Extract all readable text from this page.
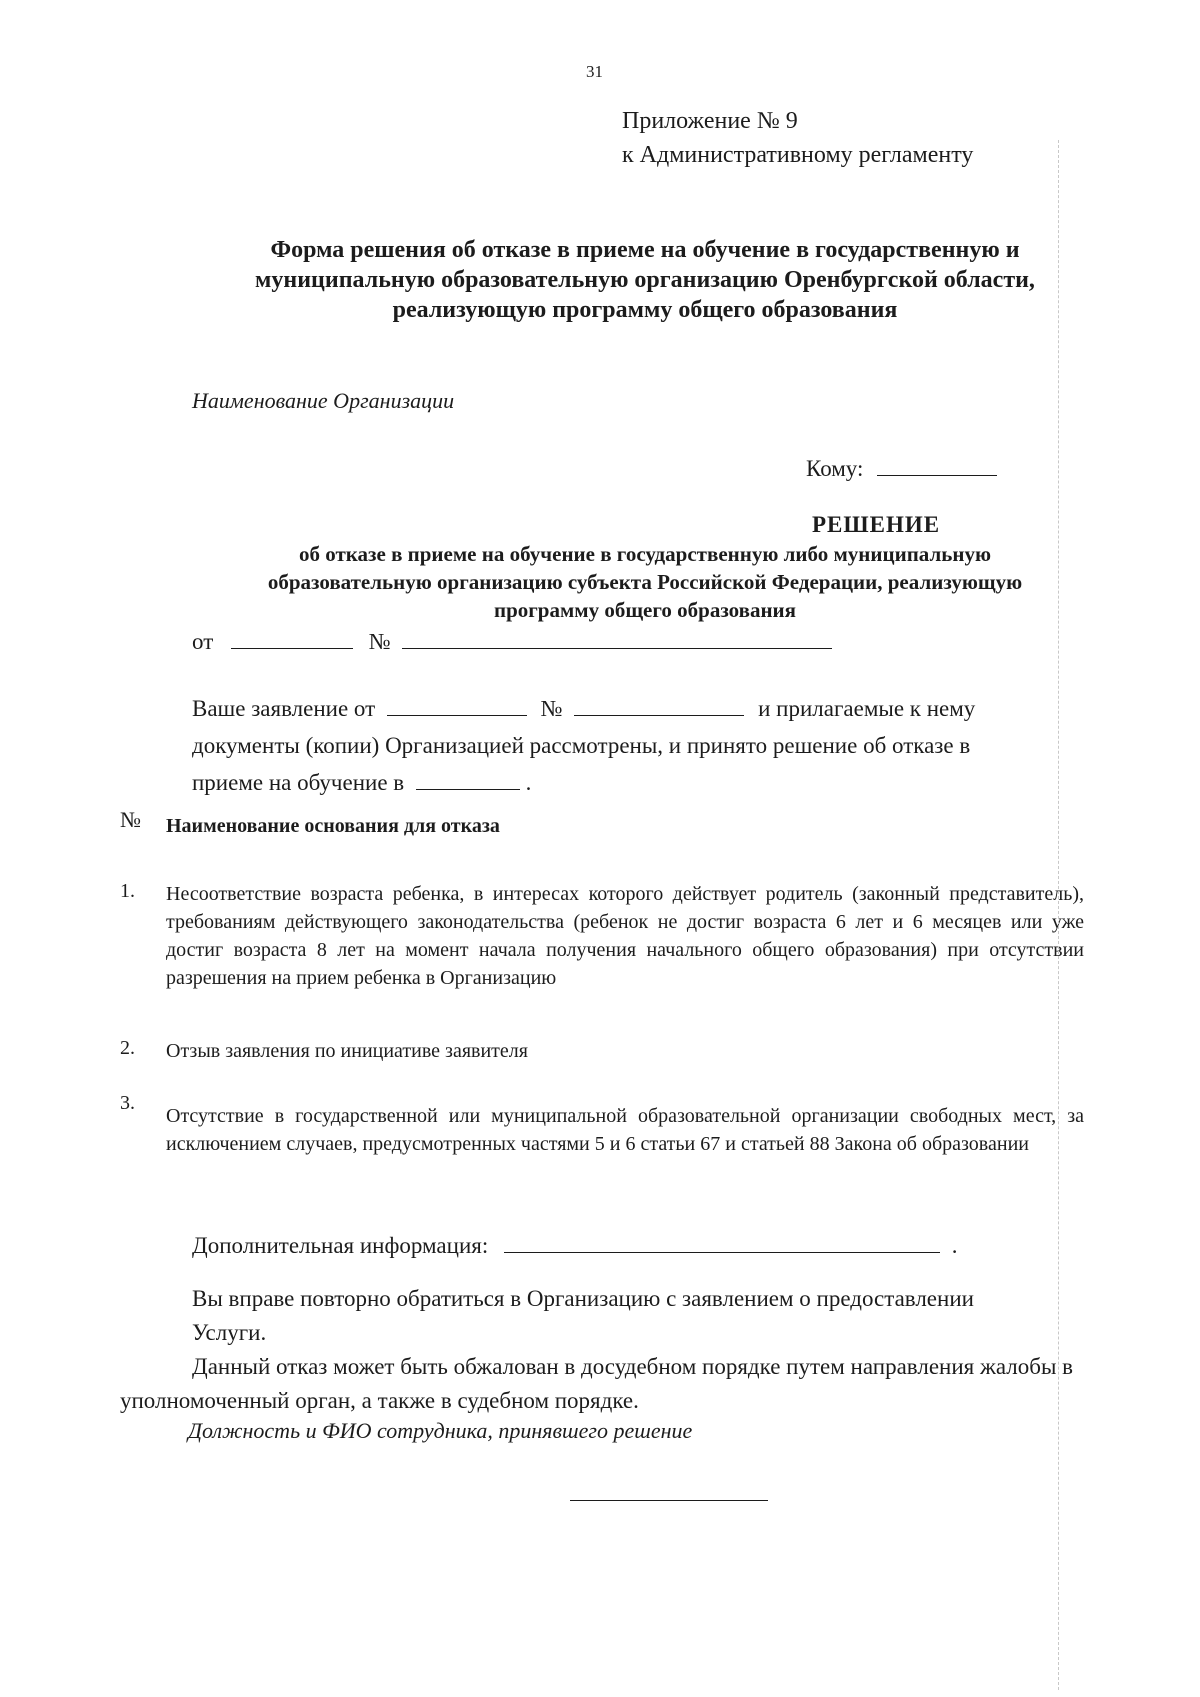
31
Приложение № 9
к Административному регламенту
Форма решения об отказе в приеме на обучение в государственную и
муниципальную образовательную организацию Оренбургской области,
реализующую программу общего образования
Наименование Организации
Кому:
РЕШЕНИЕ
об отказе в приеме на обучение в государственную либо муниципальную
образовательную организацию субъекта Российской Федерации, реализующую
программу общего образования
от	№
Ваше заявление от	№	и прилагаемые к нему
документы (копии) Организацией рассмотрены, и принято решение об отказе в
приеме на обучение в	.
№ Наименование основания для отказа
1. Несоответствие возраста ребенка, в интересах которого действует родитель (законный представитель), требованиям действующего законодательства (ребенок не достиг возраста 6 лет и 6 месяцев или уже достиг возраста 8 лет на момент начала получения начального общего образования) при отсутствии разрешения на прием ребенка в Организацию
2. Отзыв заявления по инициативе заявителя
3.
Отсутствие в государственной или муниципальной образовательной организации свободных мест, за исключением случаев, предусмотренных частями 5 и 6 статьи 67 и статьей 88 Закона об образовании
Дополнительная информация:	.

Вы вправе повторно обратиться в Организацию с заявлением о предоставлении

Услуги.

Данный отказ может быть обжалован в досудебном порядке путем направления жалобы в уполномоченный орган, а также в судебном порядке.

Должность и ФИО сотрудника, принявшего решение
